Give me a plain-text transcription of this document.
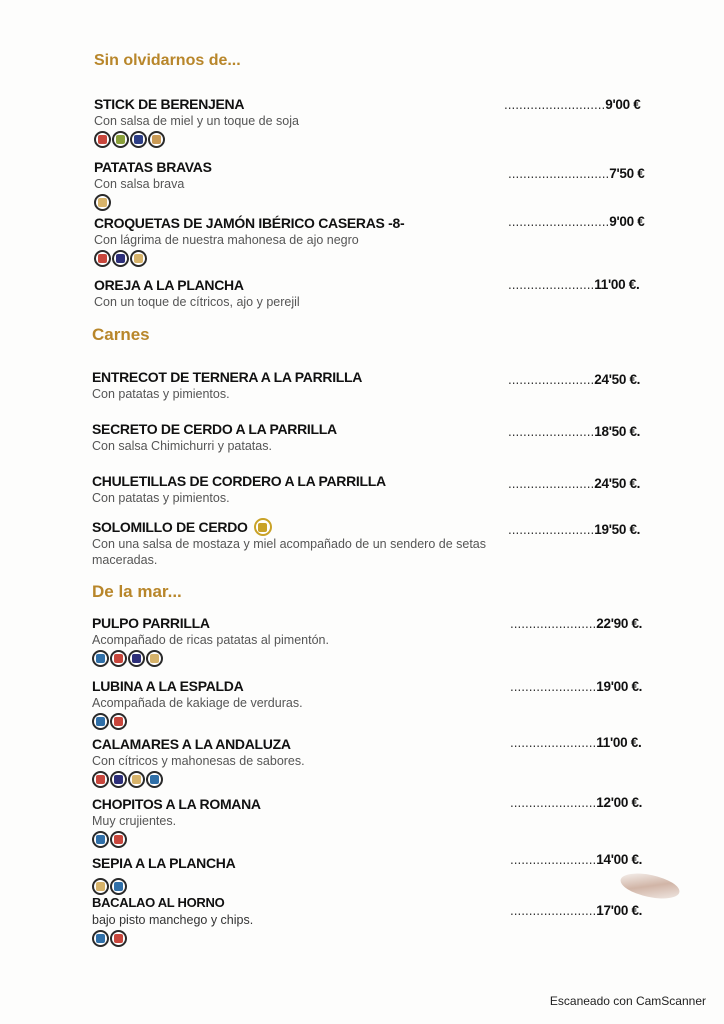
Sin olvidarnos de...
STICK DE BERENJENA
Con salsa de miel y un toque de soja
...........................9'00 €
PATATAS BRAVAS
Con salsa brava
...........................7'50 €
CROQUETAS DE JAMÓN IBÉRICO CASERAS -8-
Con lágrima de nuestra mahonesa de ajo negro
...........................9'00 €
OREJA A LA PLANCHA
Con un toque de cítricos, ajo y perejil
.......................11'00 €.
Carnes
ENTRECOT DE TERNERA A LA PARRILLA
Con patatas y pimientos.
.......................24'50 €.
SECRETO DE CERDO A LA PARRILLA
Con salsa Chimichurri y patatas.
.......................18'50 €.
CHULETILLAS DE CORDERO A LA PARRILLA
Con patatas y pimientos.
.......................24'50 €.
SOLOMILLO DE CERDO
Con una salsa de mostaza y miel acompañado de un sendero de setas maceradas.
.......................19'50 €.
De la mar...
PULPO PARRILLA
Acompañado de ricas patatas al pimentón.
.......................22'90 €.
LUBINA A LA ESPALDA
Acompañada de kakiage de verduras.
.......................19'00 €.
CALAMARES A LA ANDALUZA
Con cítricos y mahonesas de sabores.
.......................11'00 €.
CHOPITOS A LA ROMANA
Muy crujientes.
.......................12'00 €.
SEPIA A LA PLANCHA	.......................14'00 €.
BACALAO AL HORNO
bajo pisto manchego y chips.
.......................17'00 €.
Escaneado con CamScanner
